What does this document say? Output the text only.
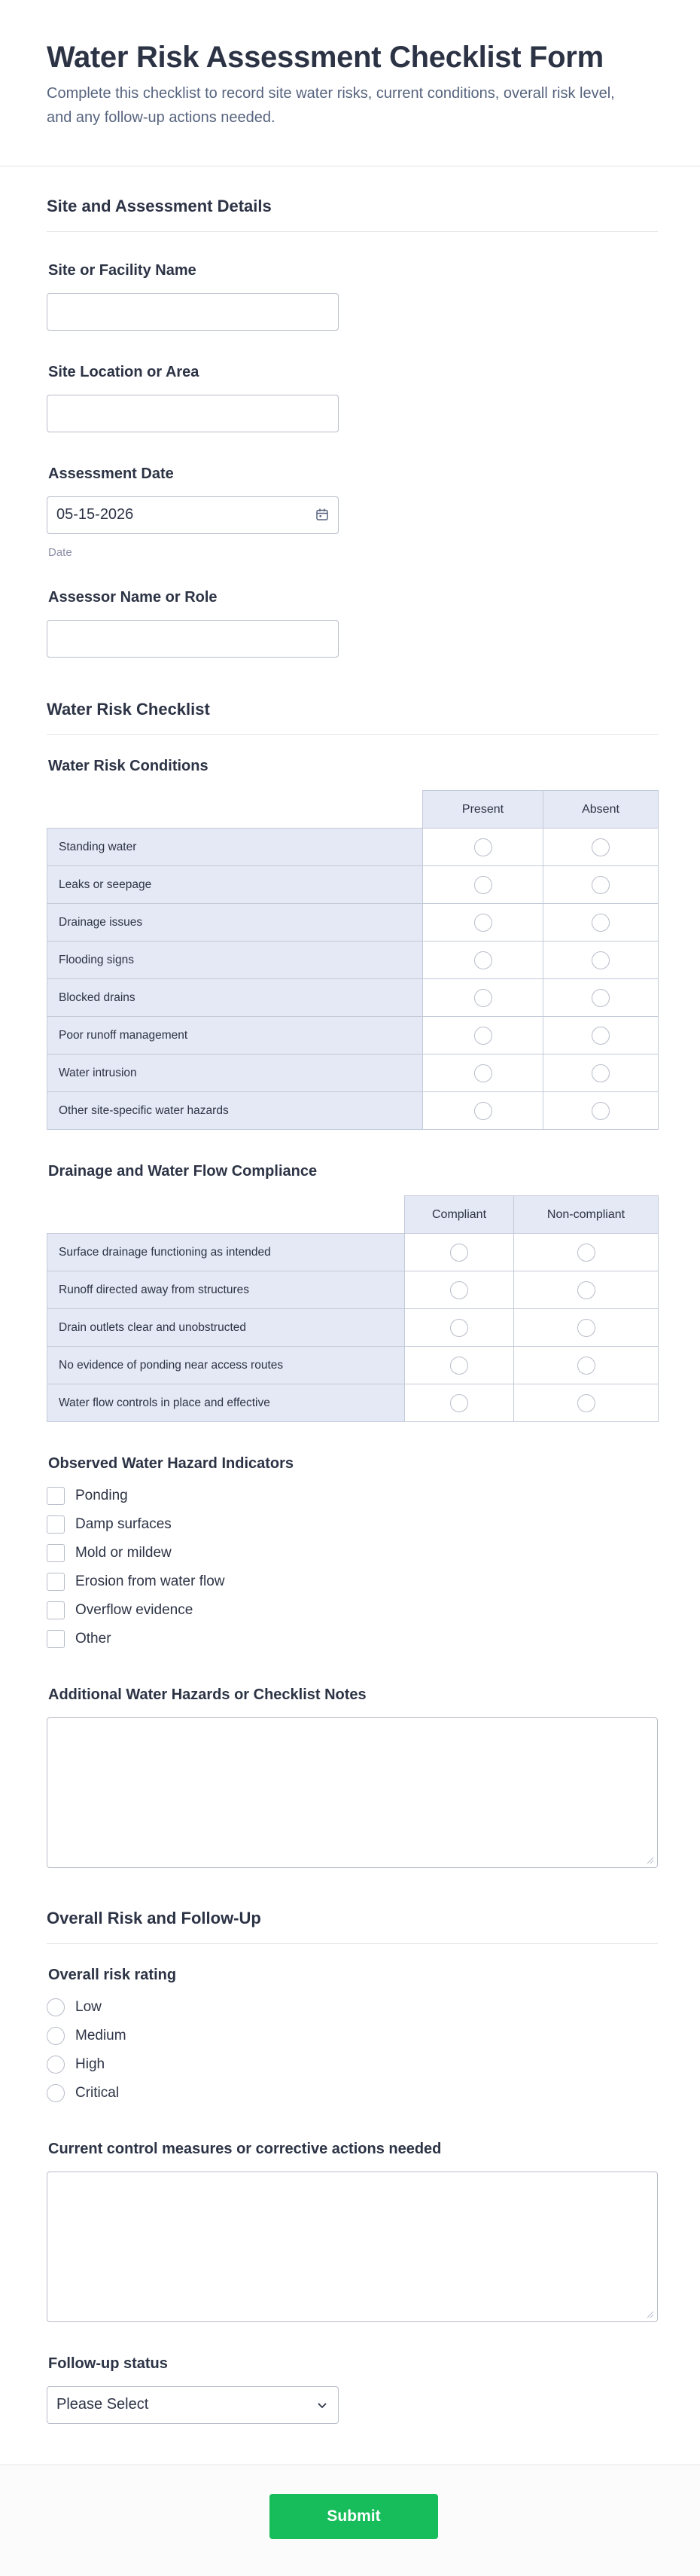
Water Risk Assessment Checklist Form

Complete this checklist to record site water risks, current conditions, overall risk level, and any follow-up actions needed.

Site and Assessment Details
Site or Facility Name
Site Location or Area
Assessment Date
05-15-2026
Date
Assessor Name or Role
Water Risk Checklist
Water Risk Conditions
	Present	Absent
Standing water		
Leaks or seepage		
Drainage issues		
Flooding signs		
Blocked drains		
Poor runoff management		
Water intrusion		
Other site-specific water hazards		
Drainage and Water Flow Compliance
	Compliant	Non-compliant
Surface drainage functioning as intended		
Runoff directed away from structures		
Drain outlets clear and unobstructed		
No evidence of ponding near access routes		
Water flow controls in place and effective		
Observed Water Hazard Indicators
Ponding
Damp surfaces
Mold or mildew
Erosion from water flow
Overflow evidence
Other
Additional Water Hazards or Checklist Notes
Overall Risk and Follow-Up
Overall risk rating
Low
Medium
High
Critical
Current control measures or corrective actions needed
Follow-up status
Please Select
Submit
